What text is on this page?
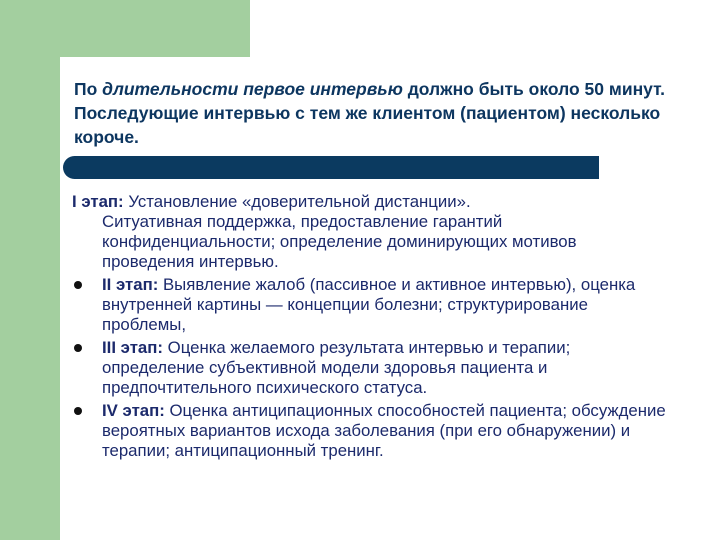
По длительности первое интервью должно быть около 50 минут. Последующие интервью с тем же клиентом (пациентом) несколько короче.

I этап: Установление «доверительной дистанции».
Ситуативная поддержка, предоставление гарантий конфиденциальности; определение доминирующих мотивов проведения интервью.
II этап: Выявление жалоб (пассивное и активное интервью), оценка внутренней картины — концепции болезни; структурирование проблемы,
III этап: Оценка желаемого результата интервью и терапии; определение субъективной модели здоровья пациента и предпочтительного психического статуса.
IV этап: Оценка антиципационных способностей пациента; обсуждение вероятных вариантов исхода заболевания (при его обнаружении) и терапии; антиципационный тренинг.
